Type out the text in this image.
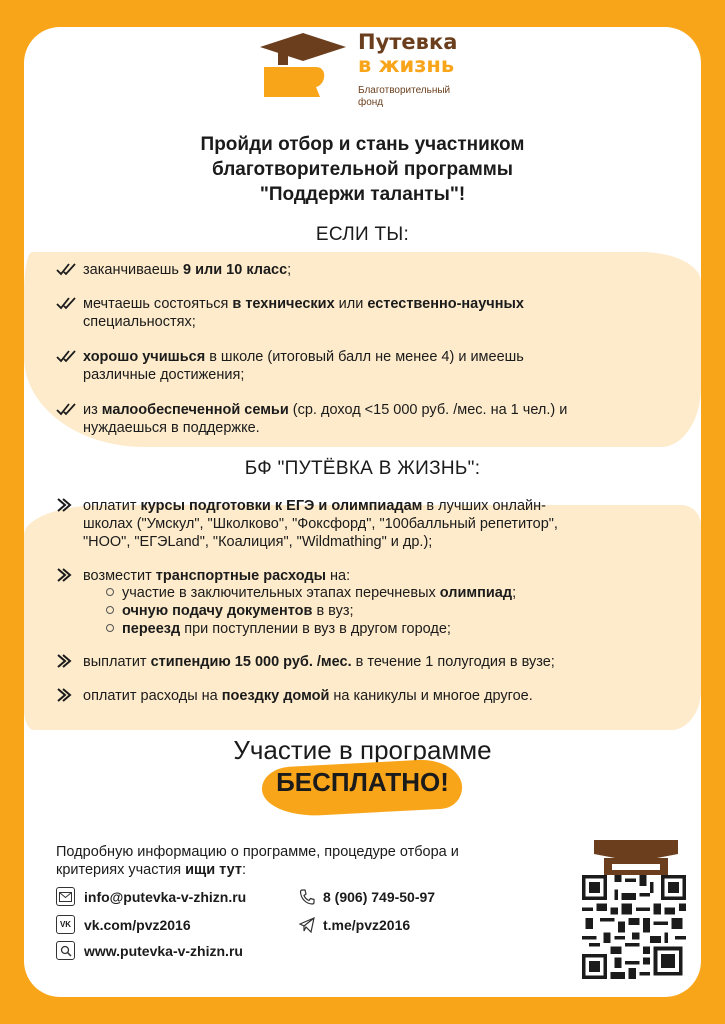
Путевка
в жизнь
Благотворительный
фонд
Пройди отбор и стань участником
благотворительной программы
"Поддержи таланты"!
ЕСЛИ ТЫ:
заканчиваешь 9 или 10 класс;
мечтаешь состояться в технических или естественно-научных
специальностях;
хорошо учишься в школе (итоговый балл не менее 4) и имеешь
различные достижения;
из малообеспеченной семьи (ср. доход <15 000 руб. /мес. на 1 чел.) и
нуждаешься в поддержке.
БФ "ПУТЁВКА В ЖИЗНЬ":
оплатит курсы подготовки к ЕГЭ и олимпиадам в лучших онлайн-
школах ("Умскул", "Школково", "Фоксфорд", "100балльный репетитор",
"НОО", "ЕГЭLand", "Коалиция", "Wildmathing" и др.);
возместит транспортные расходы на:
участие в заключительных этапах перечневых олимпиад;
очную подачу документов в вуз;
переезд при поступлении в вуз в другом городе;
выплатит стипендию 15 000 руб. /мес. в течение 1 полугодия в вузе;
оплатит расходы на поездку домой на каникулы и многое другое.
Участие в программе
БЕСПЛАТНО!
Подробную информацию о программе, процедуре отбора и
критериях участия ищи тут:
info@putevka-v-zhizn.ru
VK vk.com/pvz2016
www.putevka-v-zhizn.ru
8 (906) 749-50-97
t.me/pvz2016
